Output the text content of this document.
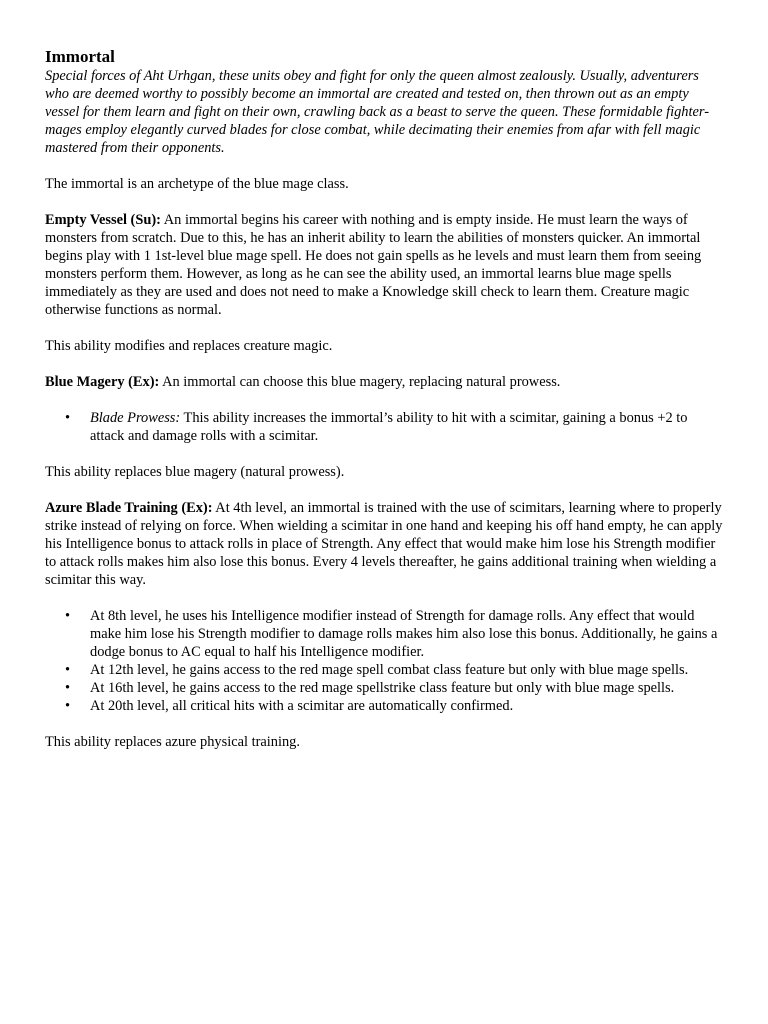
Immortal

Special forces of Aht Urhgan, these units obey and fight for only the queen almost zealously. Usually, adventurers who are deemed worthy to possibly become an immortal are created and tested on, then thrown out as an empty vessel for them learn and fight on their own, crawling back as a beast to serve the queen. These formidable fighter-mages employ elegantly curved blades for close combat, while decimating their enemies from afar with fell magic mastered from their opponents.

The immortal is an archetype of the blue mage class.

Empty Vessel (Su): An immortal begins his career with nothing and is empty inside. He must learn the ways of monsters from scratch. Due to this, he has an inherit ability to learn the abilities of monsters quicker. An immortal begins play with 1 1st-level blue mage spell. He does not gain spells as he levels and must learn them from seeing monsters perform them. However, as long as he can see the ability used, an immortal learns blue mage spells immediately as they are used and does not need to make a Knowledge skill check to learn them. Creature magic otherwise functions as normal.

This ability modifies and replaces creature magic.

Blue Magery (Ex): An immortal can choose this blue magery, replacing natural prowess.

• Blade Prowess: This ability increases the immortal’s ability to hit with a scimitar, gaining a bonus +2 to attack and damage rolls with a scimitar.

This ability replaces blue magery (natural prowess).

Azure Blade Training (Ex): At 4th level, an immortal is trained with the use of scimitars, learning where to properly strike instead of relying on force. When wielding a scimitar in one hand and keeping his off hand empty, he can apply his Intelligence bonus to attack rolls in place of Strength. Any effect that would make him lose his Strength modifier to attack rolls makes him also lose this bonus. Every 4 levels thereafter, he gains additional training when wielding a scimitar this way.

• At 8th level, he uses his Intelligence modifier instead of Strength for damage rolls. Any effect that would make him lose his Strength modifier to damage rolls makes him also lose this bonus. Additionally, he gains a dodge bonus to AC equal to half his Intelligence modifier.
• At 12th level, he gains access to the red mage spell combat class feature but only with blue mage spells.
• At 16th level, he gains access to the red mage spellstrike class feature but only with blue mage spells.
• At 20th level, all critical hits with a scimitar are automatically confirmed.

This ability replaces azure physical training.
